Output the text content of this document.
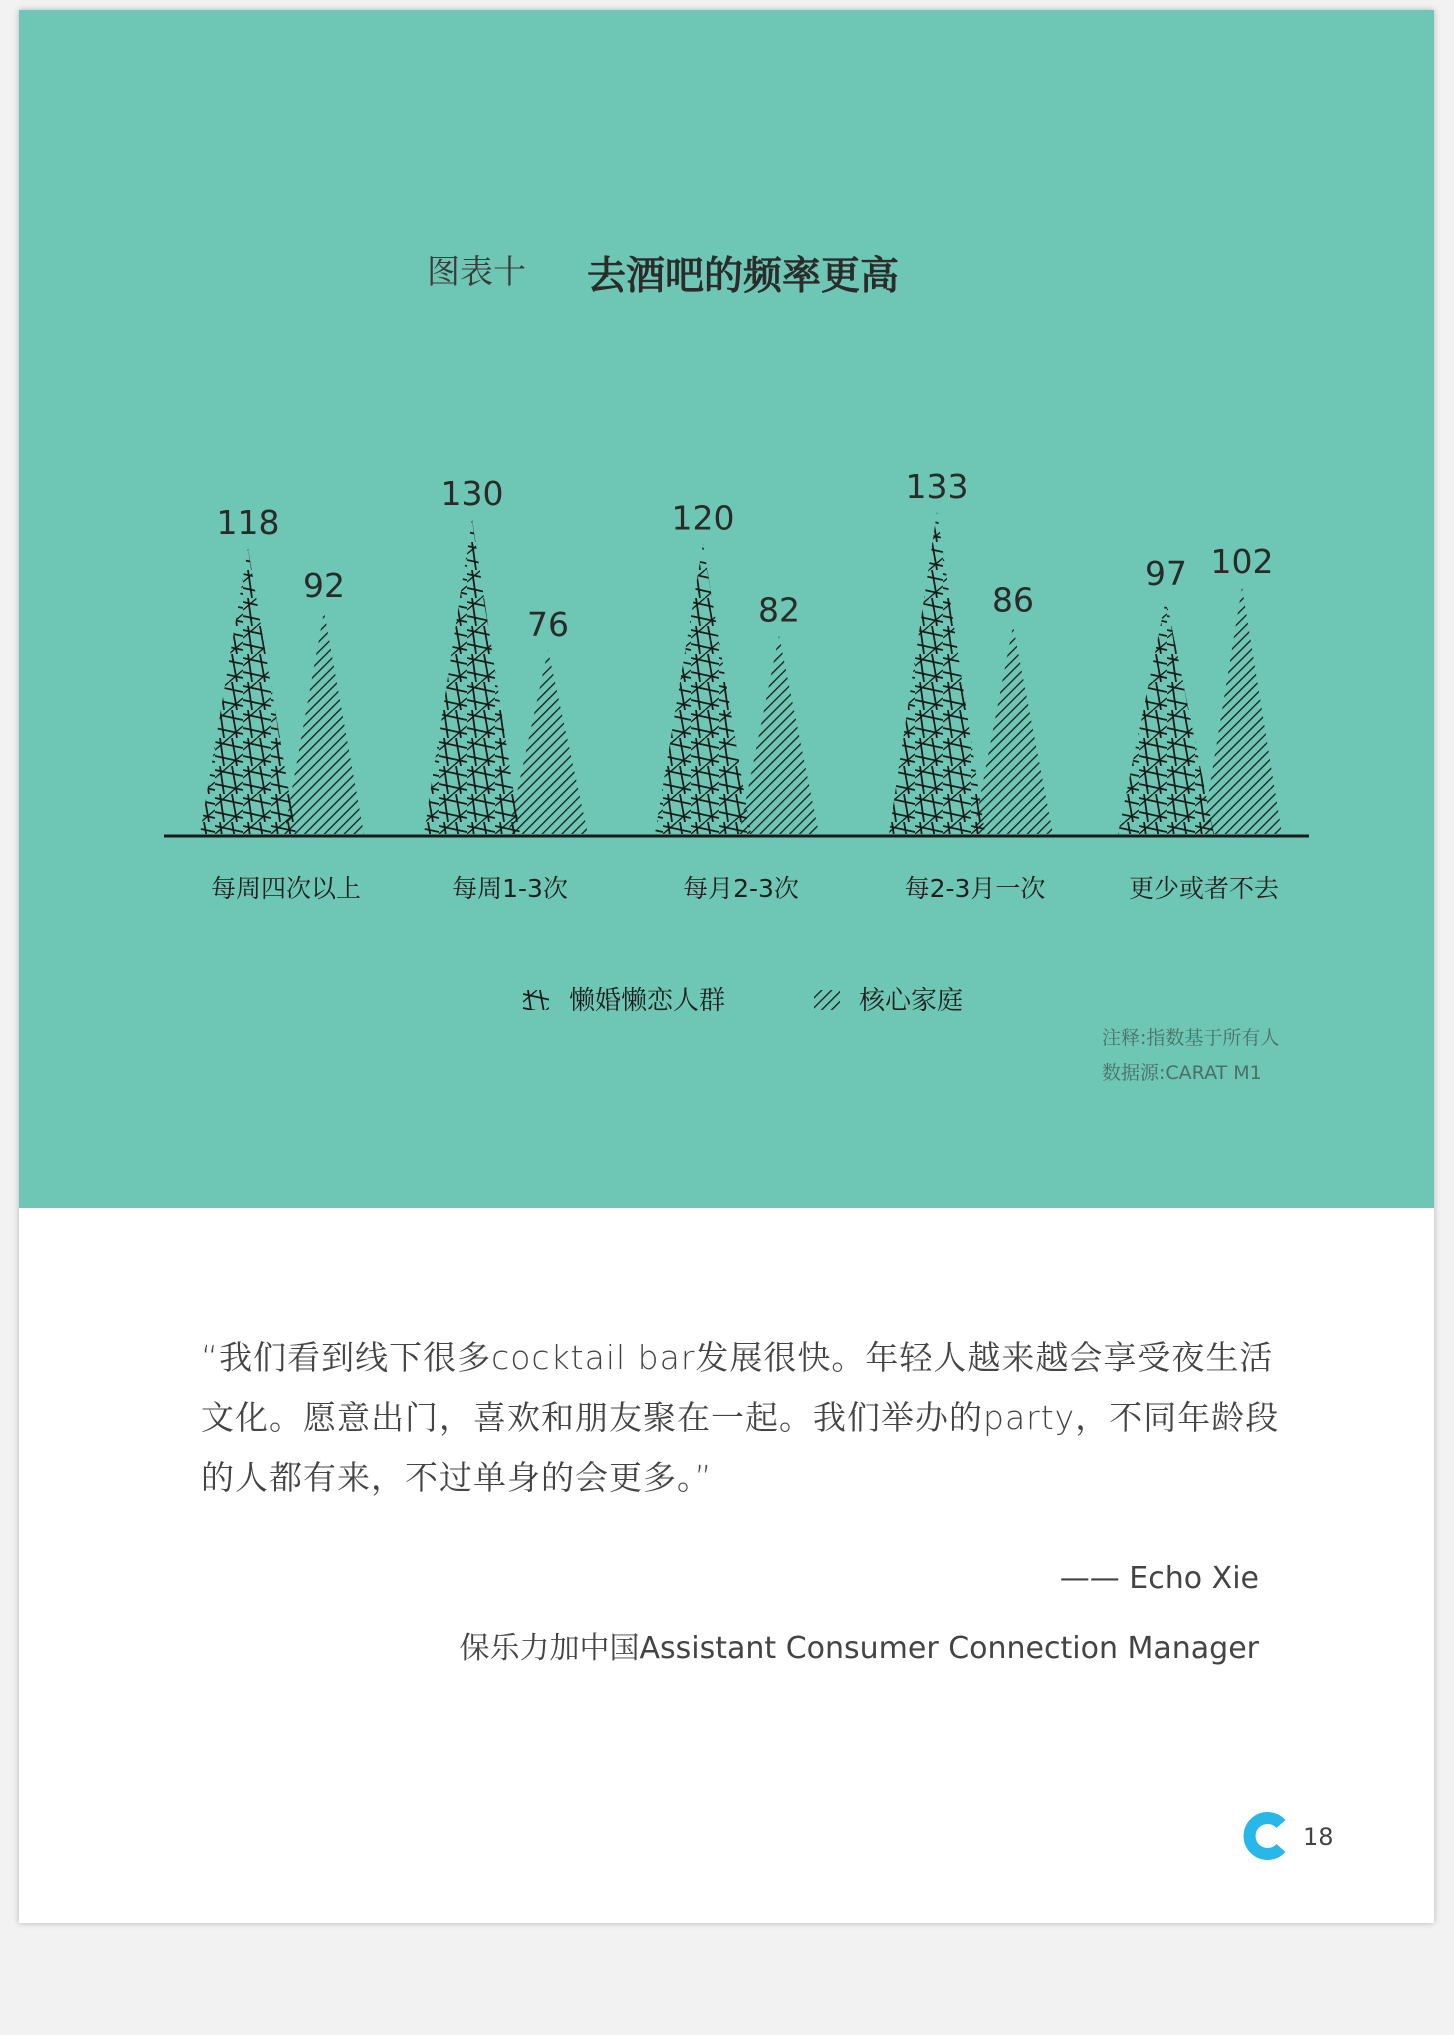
图表十 去酒吧的频率更高
118
92
130
76
120
82
133
86
97 102
每周四次以上	每周1-3次	每月2-3次	每2-3月一次	更少或者不去
懒婚懒恋人群	核心家庭
注释:指数基于所有人
数据源:CARAT M1
“我们看到线下很多cocktail bar发展很快。年轻人越来越会享受夜生活文化。愿意出门，喜欢和朋友聚在一起。我们举办的party，不同年龄段的人都有来，不过单身的会更多。”
—— Echo Xie
保乐力加中国Assistant Consumer Connection Manager
18
